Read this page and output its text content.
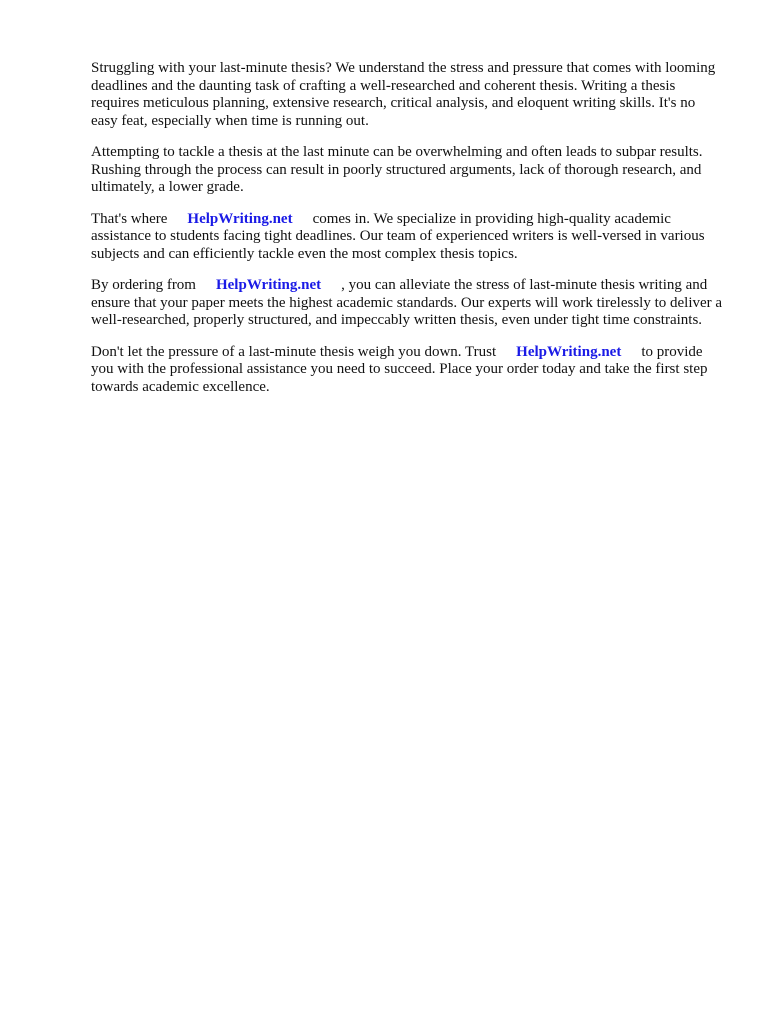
Struggling with your last-minute thesis? We understand the stress and pressure that comes with looming deadlines and the daunting task of crafting a well-researched and coherent thesis. Writing a thesis requires meticulous planning, extensive research, critical analysis, and eloquent writing skills. It's no easy feat, especially when time is running out.

Attempting to tackle a thesis at the last minute can be overwhelming and often leads to subpar results. Rushing through the process can result in poorly structured arguments, lack of thorough research, and ultimately, a lower grade.

That's where HelpWriting.net comes in. We specialize in providing high-quality academic assistance to students facing tight deadlines. Our team of experienced writers is well-versed in various subjects and can efficiently tackle even the most complex thesis topics.

By ordering from HelpWriting.net , you can alleviate the stress of last-minute thesis writing and ensure that your paper meets the highest academic standards. Our experts will work tirelessly to deliver a well-researched, properly structured, and impeccably written thesis, even under tight time constraints.

Don't let the pressure of a last-minute thesis weigh you down. Trust HelpWriting.net to provide you with the professional assistance you need to succeed. Place your order today and take the first step towards academic excellence.
